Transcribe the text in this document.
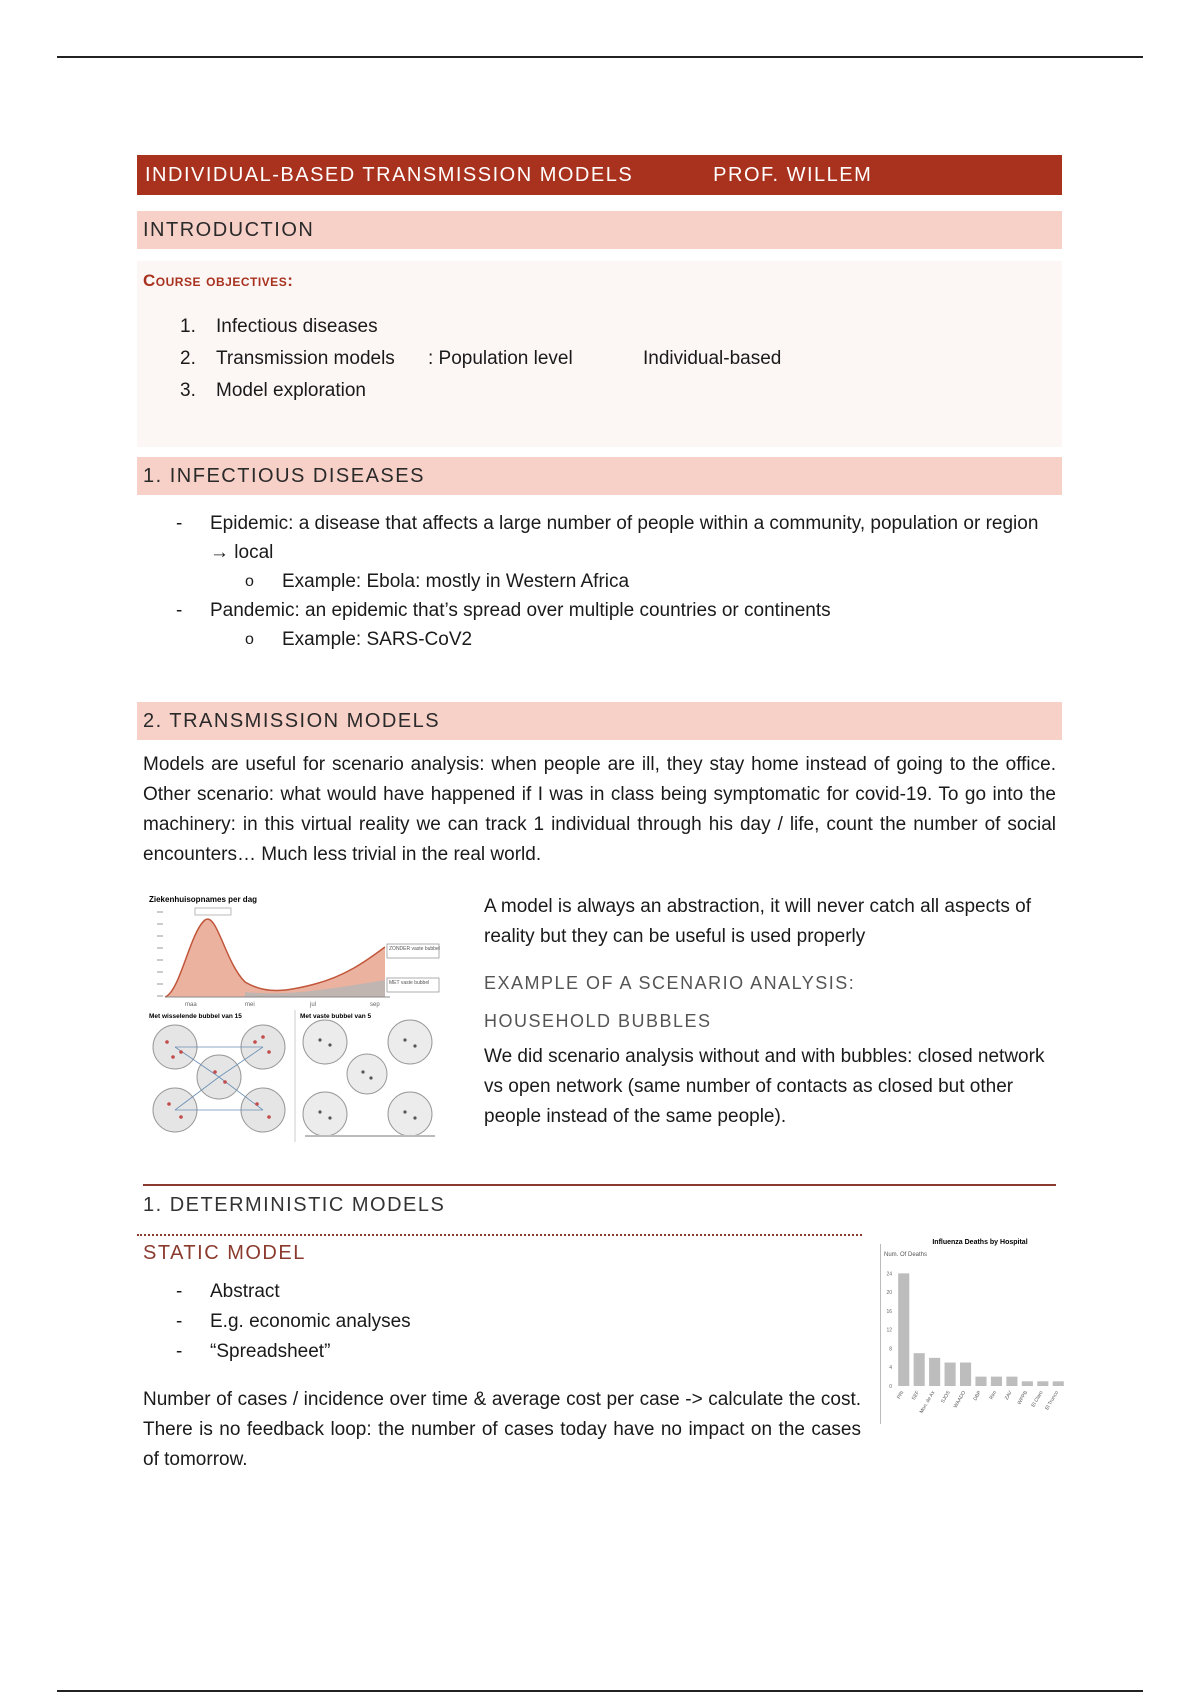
INDIVIDUAL-BASED TRANSMISSION MODELS	PROF. WILLEM
INTRODUCTION
Course objectives:
1. Infectious diseases
2. Transmission models : Population level	Individual-based
3. Model exploration
1. INFECTIOUS DISEASES
- Epidemic: a disease that affects a large number of people within a community, population or region → local
o Example: Ebola: mostly in Western Africa
- Pandemic: an epidemic that’s spread over multiple countries or continents
o Example: SARS-CoV2
2. TRANSMISSION MODELS
Models are useful for scenario analysis: when people are ill, they stay home instead of going to the office. Other scenario: what would have happened if I was in class being symptomatic for covid-19. To go into the machinery: in this virtual reality we can track 1 individual through his day / life, count the number of social encounters… Much less trivial in the real world.
Ziekenhuisopnames per dag
ZONDER vaste bubbel
MET vaste bubbel
maa	mei	jul	sep
Met wisselende bubbel van 15	Met vaste bubbel van 5
A model is always an abstraction, it will never catch all aspects of reality but they can be useful is used properly
EXAMPLE OF A SCENARIO ANALYSIS:
HOUSEHOLD BUBBLES
We did scenario analysis without and with bubbles: closed network vs open network (same number of contacts as closed but other people instead of the same people).
1. DETERMINISTIC MODELS
STATIC MODEL
- Abstract
- E.g. economic analyses
- “Spreadsheet”
Number of cases / incidence over time & average cost per case -> calculate the cost. There is no feedback loop: the number of cases today have no impact on the cases of tomorrow.
Influenza Deaths by Hospital
Num. Of Deaths
0
4
8
12
16
20
24
PRI SEF
Mon. de Ax SJOS WAADO DBP Rim ZAV WPPB El Claro El Trunco
